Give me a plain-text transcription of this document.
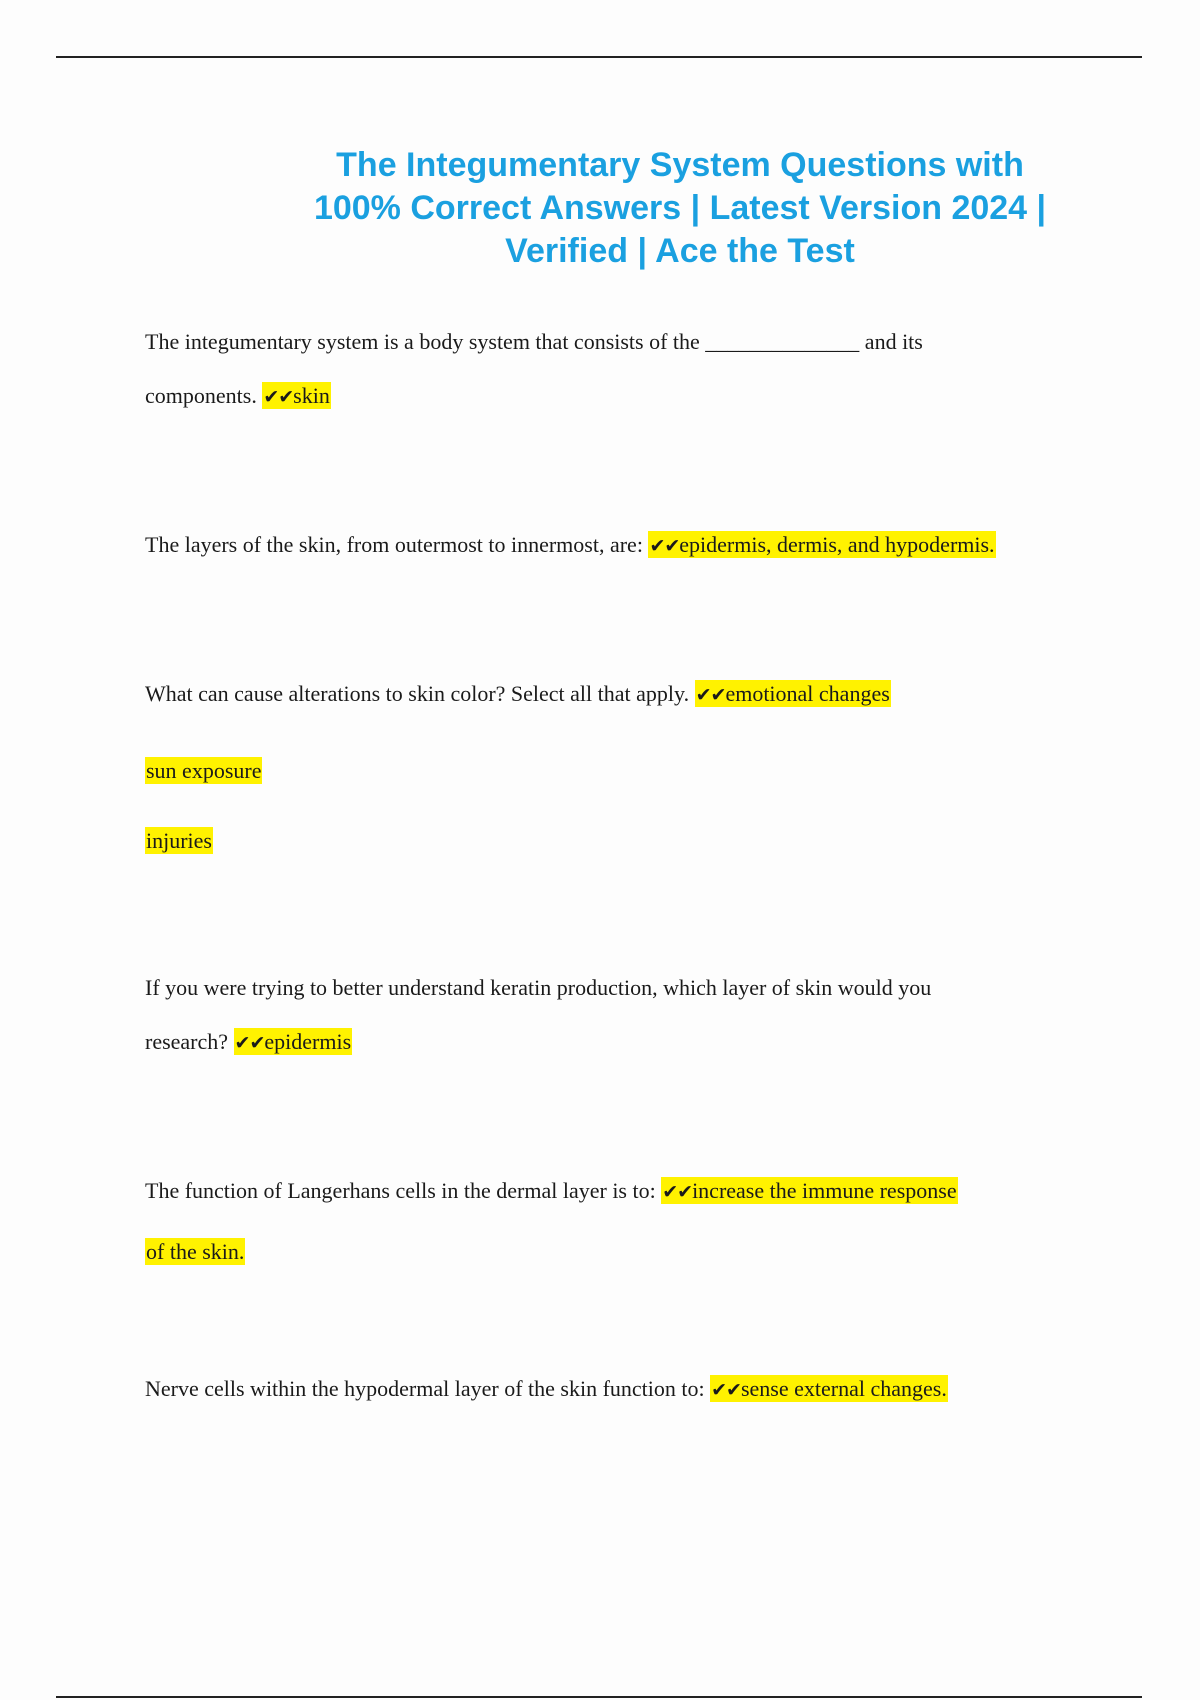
The Integumentary System Questions with 100% Correct Answers | Latest Version 2024 | Verified | Ace the Test

The integumentary system is a body system that consists of the ______________ and its

components. ✔✔skin

The layers of the skin, from outermost to innermost, are: ✔✔epidermis, dermis, and hypodermis.

What can cause alterations to skin color? Select all that apply. ✔✔emotional changes

sun exposure

injuries

If you were trying to better understand keratin production, which layer of skin would you

research? ✔✔epidermis

The function of Langerhans cells in the dermal layer is to: ✔✔increase the immune response

of the skin.

Nerve cells within the hypodermal layer of the skin function to: ✔✔sense external changes.
